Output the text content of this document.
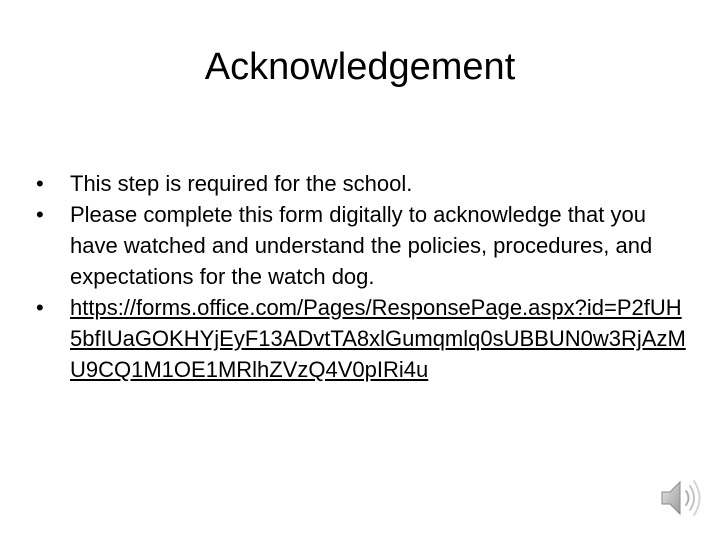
Acknowledgement
•	This step is required for the school.
•	Please complete this form digitally to acknowledge that you have watched and understand the policies, procedures, and expectations for the watch dog.
•	https://forms.office.com/Pages/ResponsePage.aspx?id=P2fUH5bfIUaGOKHYjEyF13ADvtTA8xlGumqmlq0sUBBUN0w3RjAzMU9CQ1M1OE1MRlhZVzQ4V0pIRi4u
